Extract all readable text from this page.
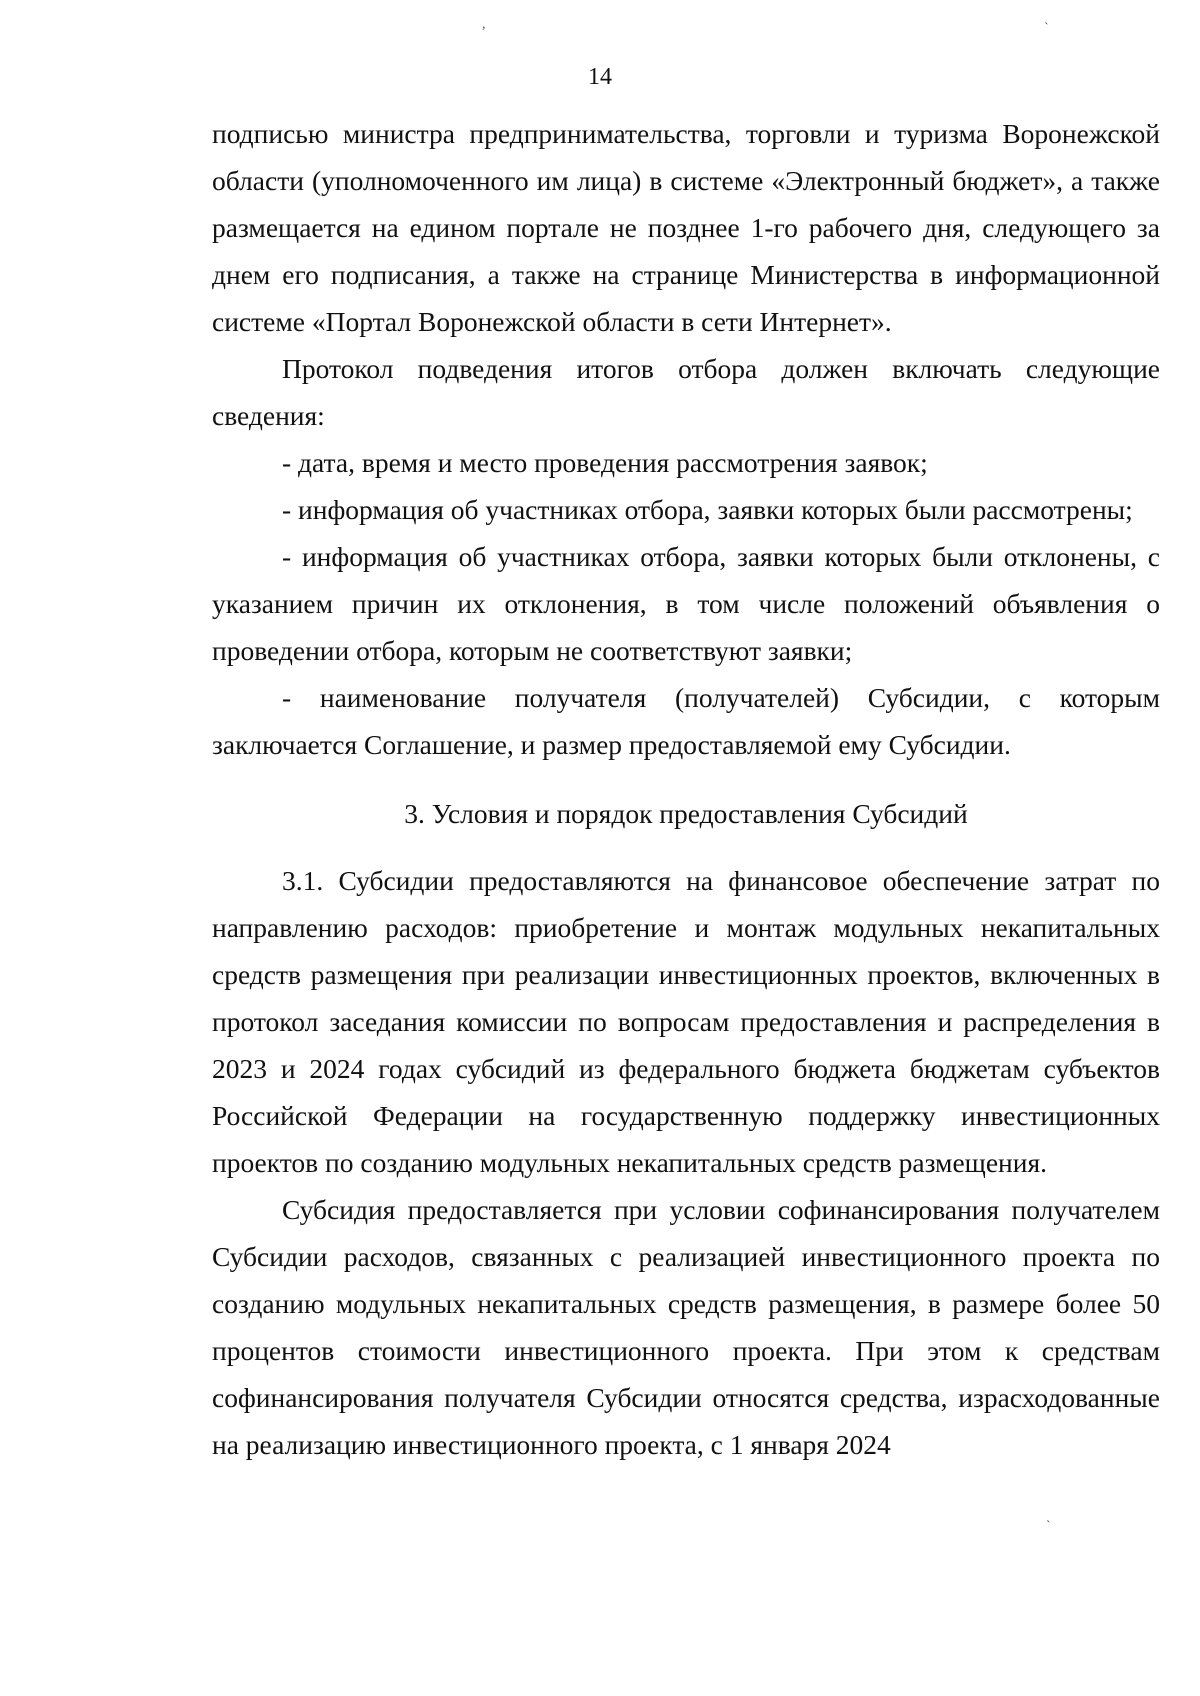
,	`
`
14

подписью министра предпринимательства, торговли и туризма Воронежской области (уполномоченного им лица) в системе «Электронный бюджет», а также размещается на едином портале не позднее 1-го рабочего дня, следующего за днем его подписания, а также на странице Министерства в информационной системе «Портал Воронежской области в сети Интернет».

Протокол подведения итогов отбора должен включать следующие сведения:

- дата, время и место проведения рассмотрения заявок;

- информация об участниках отбора, заявки которых были рассмотрены;

- информация об участниках отбора, заявки которых были отклонены, с указанием причин их отклонения, в том числе положений объявления о проведении отбора, которым не соответствуют заявки;

- наименование получателя (получателей) Субсидии, с которым заключается Соглашение, и размер предоставляемой ему Субсидии.

3. Условия и порядок предоставления Субсидий

3.1. Субсидии предоставляются на финансовое обеспечение затрат по направлению расходов: приобретение и монтаж модульных некапитальных средств размещения при реализации инвестиционных проектов, включенных в протокол заседания комиссии по вопросам предоставления и распределения в 2023 и 2024 годах субсидий из федерального бюджета бюджетам субъектов Российской Федерации на государственную поддержку инвестиционных проектов по созданию модульных некапитальных средств размещения.

Субсидия предоставляется при условии софинансирования получателем Субсидии расходов, связанных с реализацией инвестиционного проекта по созданию модульных некапитальных средств размещения, в размере более 50 процентов стоимости инвестиционного проекта. При этом к средствам софинансирования получателя Субсидии относятся средства, израсходованные на реализацию инвестиционного проекта, с 1 января 2024
